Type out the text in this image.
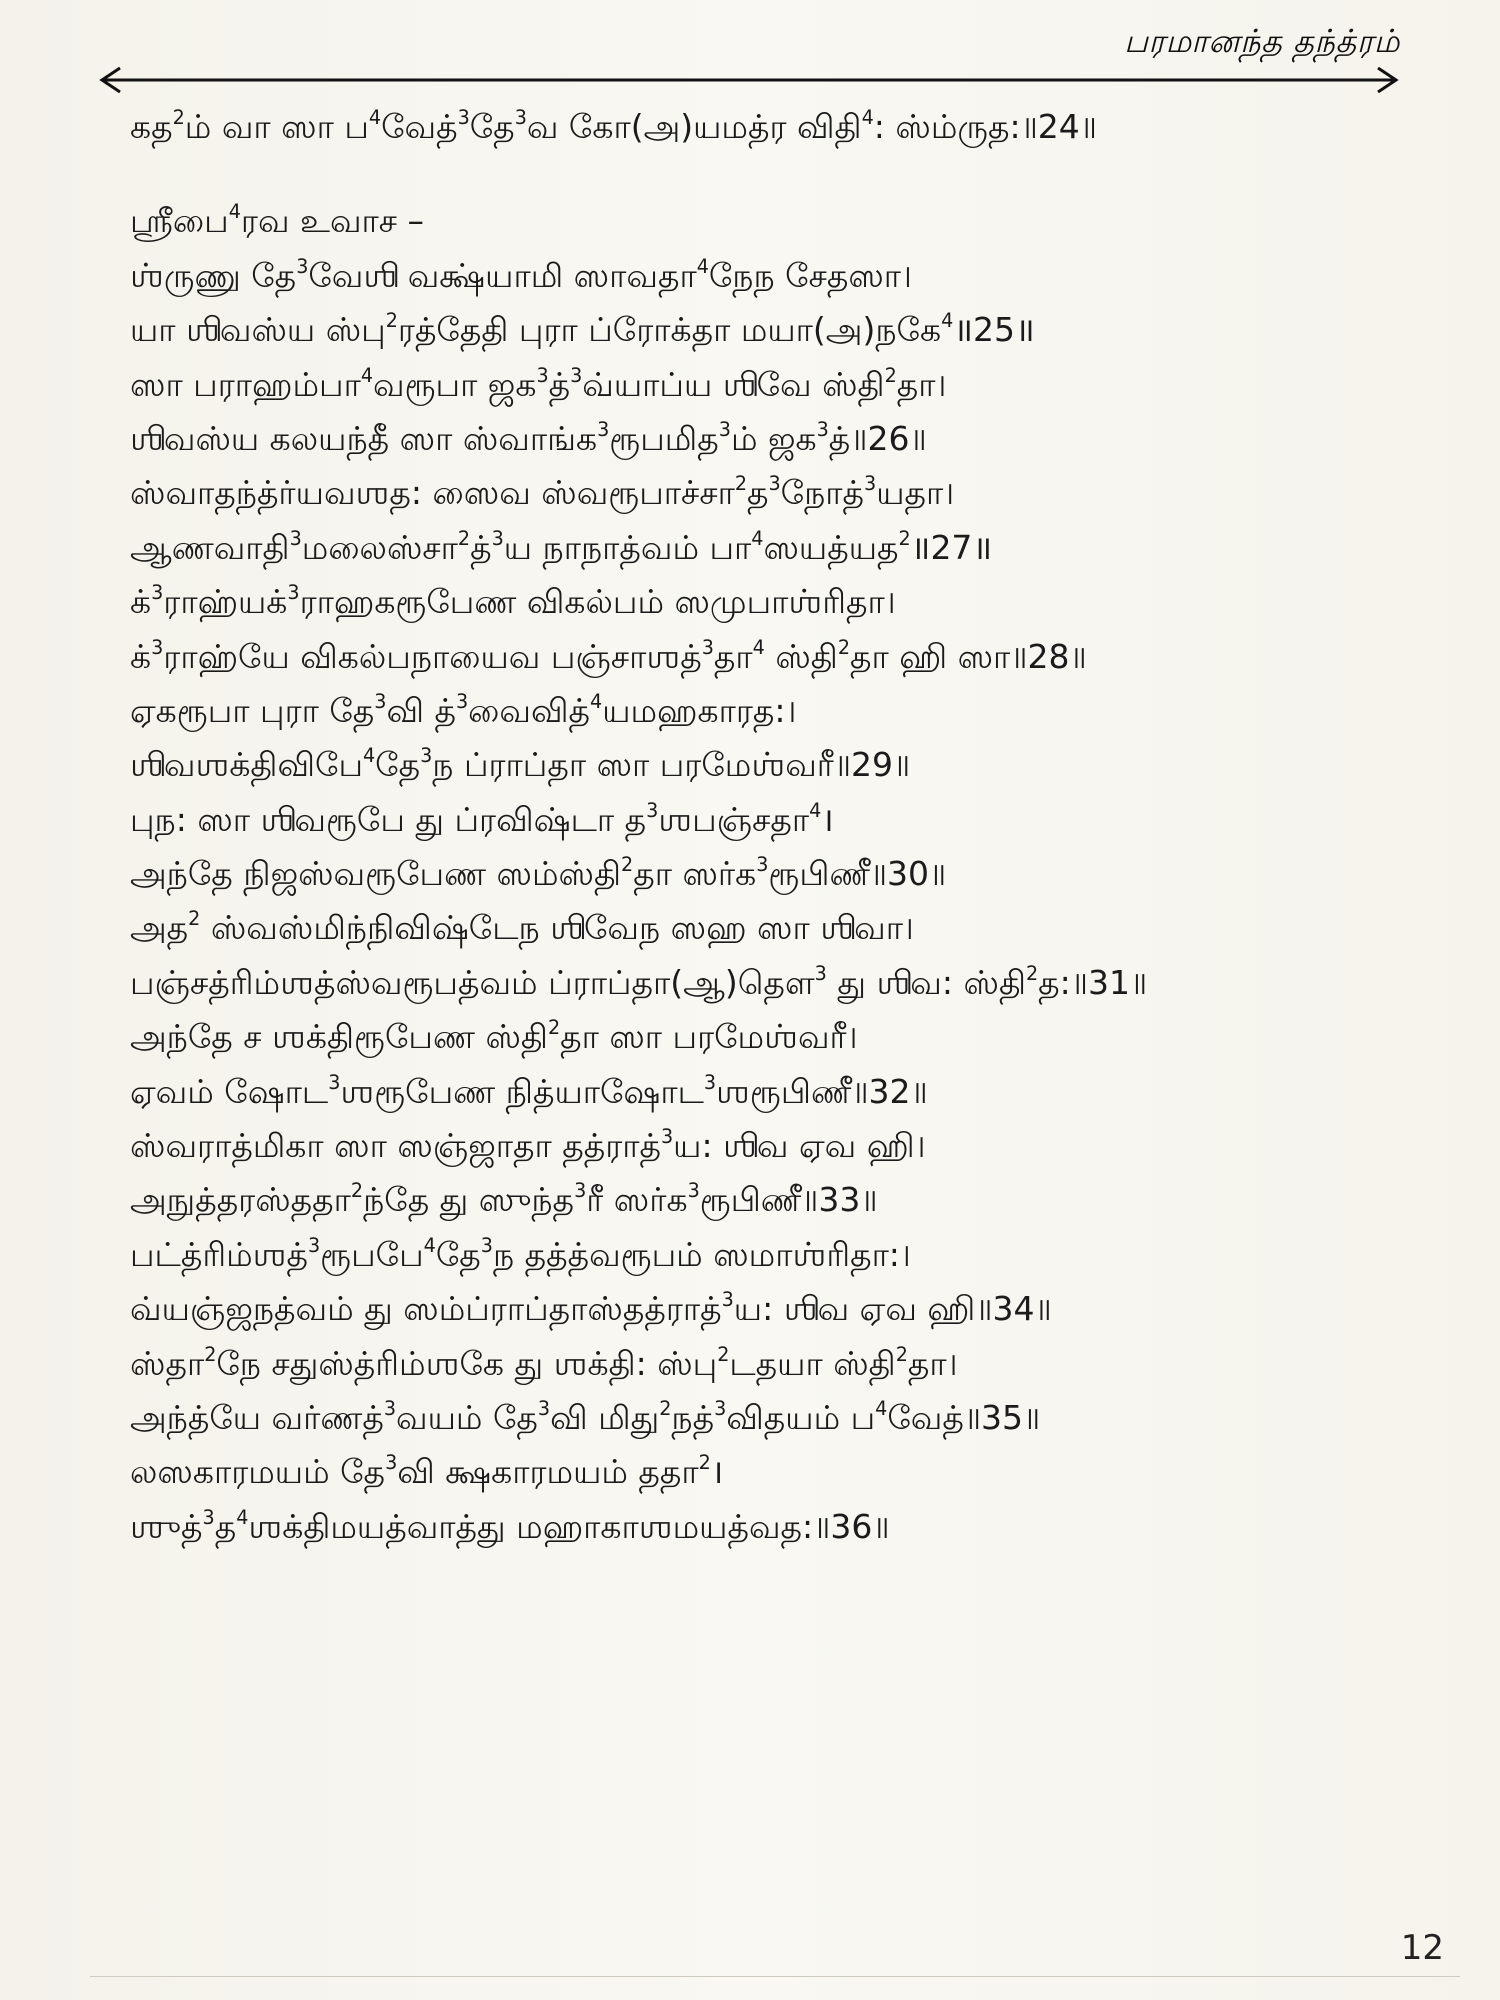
பரமானந்த தந்த்ரம்
கத$^2$ம் வா ஸா ப$^4$வேத்$^3$தே$^3$வ கோ(அ)யமத்ர விதி$^4$: ஸ்ம்ருத:॥24॥
ஶ்ரீபை$^4$ரவ உவாச –
ஶ்ருணு தே$^3$வேஶி வக்ஷ்யாமி ஸாவதா$^4$நேந சேதஸா।
யா ஶிவஸ்ய ஸ்பு$^2$ரத்தேதி புரா ப்ரோக்தா மயா(அ)நகே$^4$॥25॥
ஸா பராஹம்பா$^4$வரூபா ஜக$^3$த்$^3$வ்யாப்ய ஶிவே ஸ்தி$^2$தா।
ஶிவஸ்ய கலயந்தீ ஸா ஸ்வாங்க$^3$ரூபமித$^3$ம் ஜக$^3$த்॥26॥
ஸ்வாதந்த்ர்யவஶத: ஸைவ ஸ்வரூபாச்சா$^2$த$^3$நோத்$^3$யதா।
ஆணவாதி$^3$மலைஸ்சா$^2$த்$^3$ய நாநாத்வம் பா$^4$ஸயத்யத$^2$॥27॥
க்$^3$ராஹ்யக்$^3$ராஹகரூபேண விகல்பம் ஸமுபாஶ்ரிதா।
க்$^3$ராஹ்யே விகல்பநாயைவ பஞ்சாஶத்$^3$தா$^4$ ஸ்தி$^2$தா ஹி ஸா॥28॥
ஏகரூபா புரா தே$^3$வி த்$^3$வைவித்$^4$யமஹகாரத:।
ஶிவஶக்திவிபே$^4$தே$^3$ந ப்ராப்தா ஸா பரமேஶ்வரீ॥29॥
புந: ஸா ஶிவரூபே து ப்ரவிஷ்டா த$^3$ஶபஞ்சதா$^4$।
அந்தே நிஜஸ்வரூபேண ஸம்ஸ்தி$^2$தா ஸர்க$^3$ரூபிணீ॥30॥
அத$^2$ ஸ்வஸ்மிந்நிவிஷ்டேந ஶிவேந ஸஹ ஸா ஶிவா।
பஞ்சத்ரிம்ஶத்ஸ்வரூபத்வம் ப்ராப்தா(ஆ)தௌ$^3$ து ஶிவ: ஸ்தி$^2$த:॥31॥
அந்தே ச ஶக்திரூபேண ஸ்தி$^2$தா ஸா பரமேஶ்வரீ।
ஏவம் ஷோட$^3$ஶரூபேண நித்யாஷோட$^3$ஶரூபிணீ॥32॥
ஸ்வராத்மிகா ஸா ஸஞ்ஜாதா தத்ராத்$^3$ய: ஶிவ ஏவ ஹி।
அநுத்தரஸ்ததா$^2$ந்தே து ஸுந்த$^3$ரீ ஸர்க$^3$ரூபிணீ॥33॥
பட்த்ரிம்ஶத்$^3$ரூபபே$^4$தே$^3$ந தத்த்வரூபம் ஸமாஶ்ரிதா:।
வ்யஞ்ஜநத்வம் து ஸம்ப்ராப்தாஸ்தத்ராத்$^3$ய: ஶிவ ஏவ ஹி॥34॥
ஸ்தா$^2$நே சதுஸ்த்ரிம்ஶகே து ஶக்தி: ஸ்பு$^2$டதயா ஸ்தி$^2$தா।
அந்த்யே வர்ணத்$^3$வயம் தே$^3$வி மிது$^2$நத்$^3$விதயம் ப$^4$வேத்॥35॥
லஸகாரமயம் தே$^3$வி க்ஷகாரமயம் ததா$^2$।
ஶுத்$^3$த$^4$ஶக்திமயத்வாத்து மஹாகாஶமயத்வத:॥36॥
12
